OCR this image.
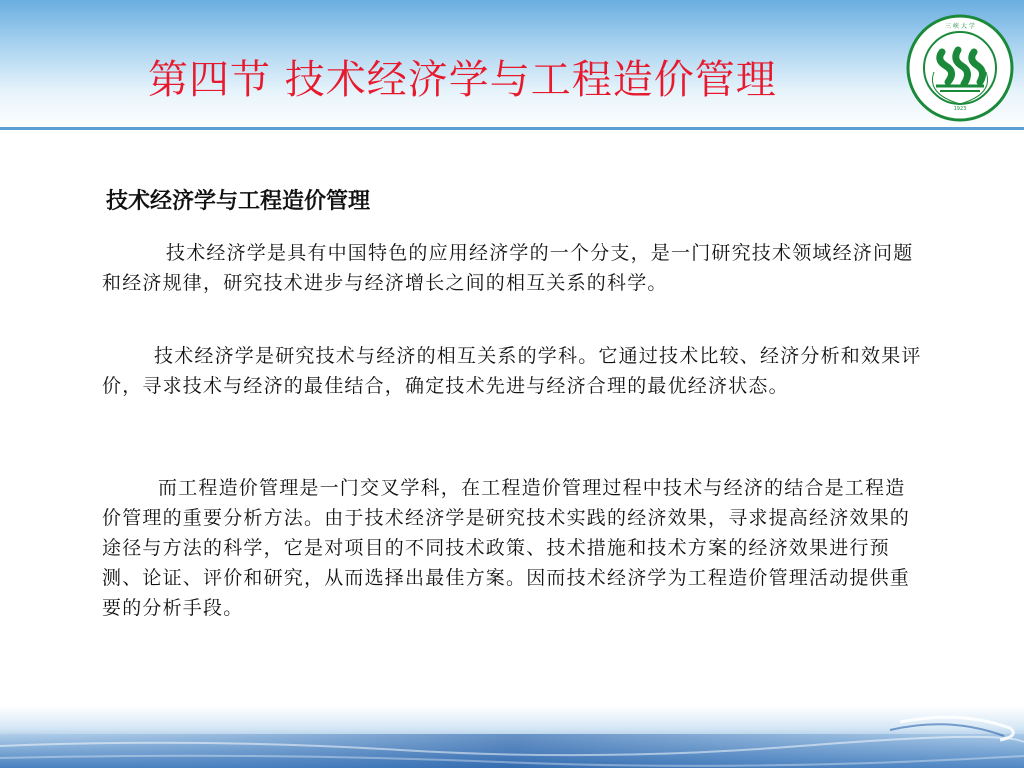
第四节 技术经济学与工程造价管理
1923
三 峡 大 学
技术经济学与工程造价管理
技术经济学是具有中国特色的应用经济学的一个分支，是一门研究技术领域经济问题和经济规律，研究技术进步与经济增长之间的相互关系的科学。
技术经济学是研究技术与经济的相互关系的学科。它通过技术比较、经济分析和效果评价，寻求技术与经济的最佳结合，确定技术先进与经济合理的最优经济状态。
而工程造价管理是一门交叉学科，在工程造价管理过程中技术与经济的结合是工程造价管理的重要分析方法。由于技术经济学是研究技术实践的经济效果，寻求提高经济效果的途径与方法的科学，它是对项目的不同技术政策、技术措施和技术方案的经济效果进行预测、论证、评价和研究，从而选择出最佳方案。因而技术经济学为工程造价管理活动提供重要的分析手段。
